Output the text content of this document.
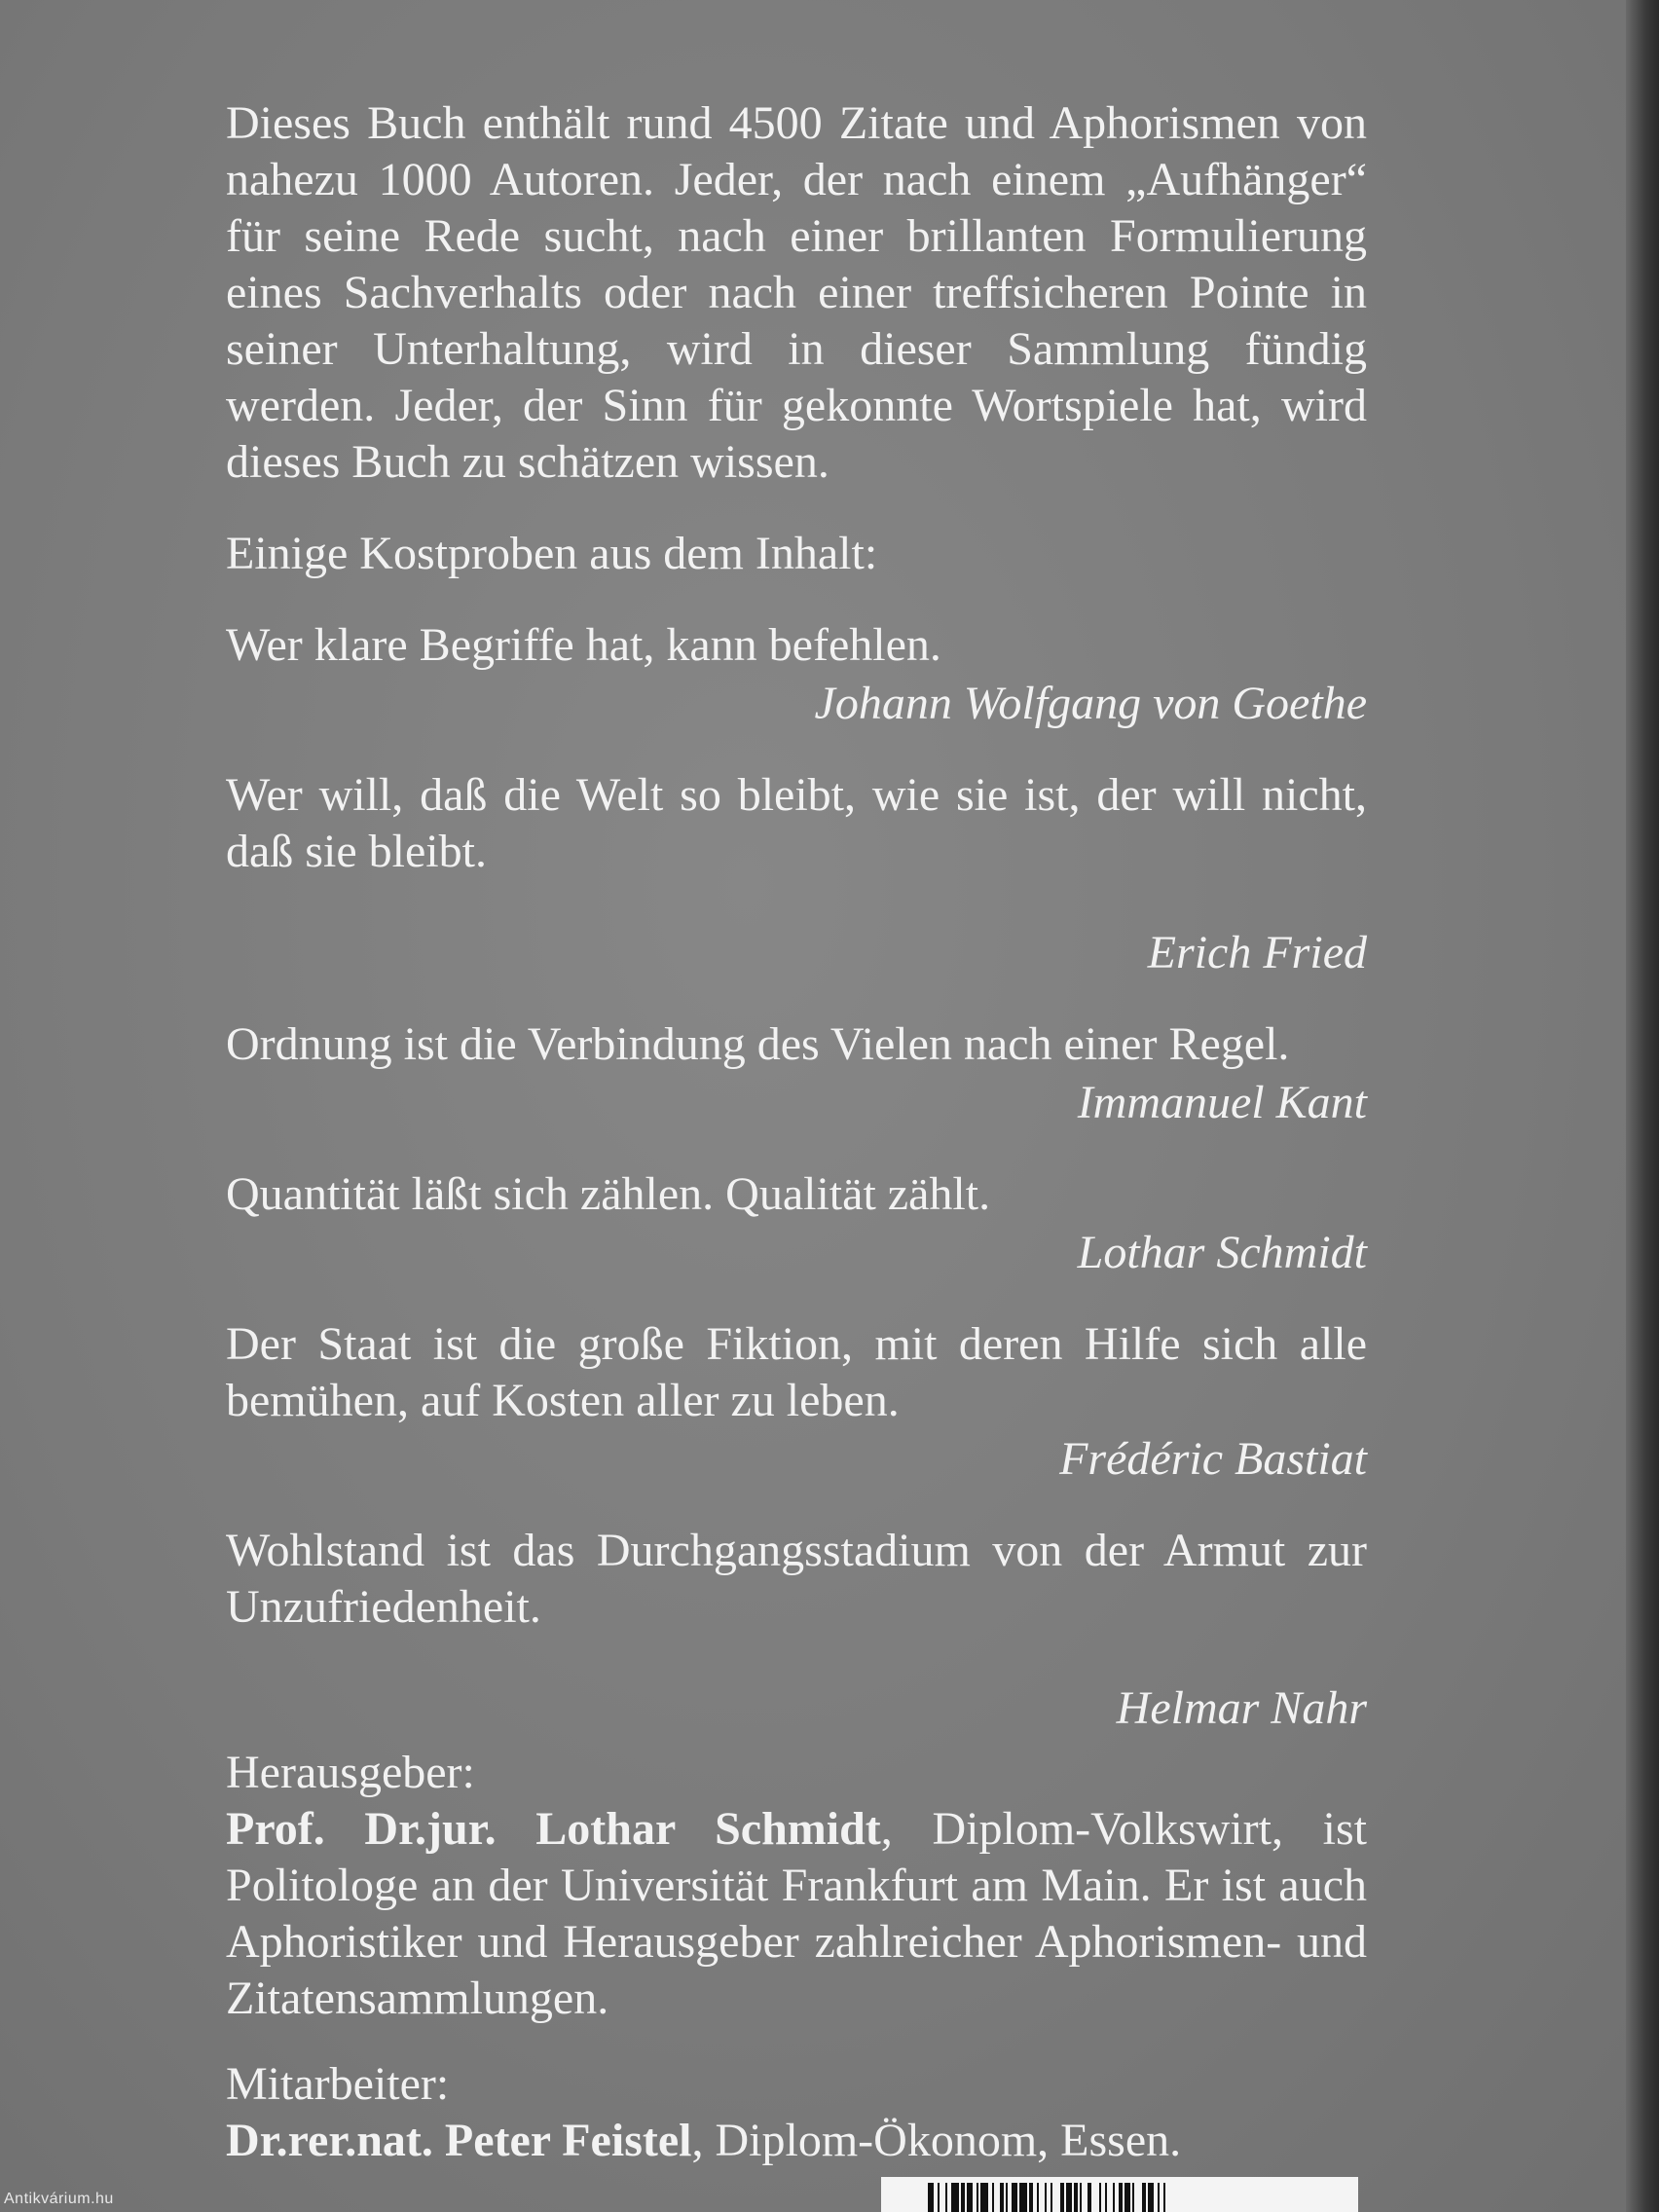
Dieses Buch enthält rund 4500 Zitate und Aphorismen von nahezu 1000 Autoren. Jeder, der nach einem „Aufhänger“ für seine Rede sucht, nach einer brillanten Formulierung eines Sachverhalts oder nach einer treffsicheren Pointe in seiner Unterhaltung, wird in dieser Sammlung fündig werden. Jeder, der Sinn für gekonnte Wortspiele hat, wird dieses Buch zu schätzen wissen.

Einige Kostproben aus dem Inhalt:

Wer klare Begriffe hat, kann befehlen.

Johann Wolfgang von Goethe

Wer will, daß die Welt so bleibt, wie sie ist, der will nicht, daß sie bleibt.

Erich Fried

Ordnung ist die Verbindung des Vielen nach einer Regel.

Immanuel Kant

Quantität läßt sich zählen. Qualität zählt.

Lothar Schmidt

Der Staat ist die große Fiktion, mit deren Hilfe sich alle bemühen, auf Kosten aller zu leben.

Frédéric Bastiat

Wohlstand ist das Durchgangsstadium von der Armut zur Unzufriedenheit.

Helmar Nahr

Herausgeber:

Prof. Dr.jur. Lothar Schmidt, Diplom-Volkswirt, ist Politologe an der Universität Frankfurt am Main. Er ist auch Aphoristiker und Herausgeber zahlreicher Aphorismen- und Zitatensammlungen.

Mitarbeiter:

Dr.rer.nat. Peter Feistel, Diplom-Ökonom, Essen.

Antikvárium.hu
